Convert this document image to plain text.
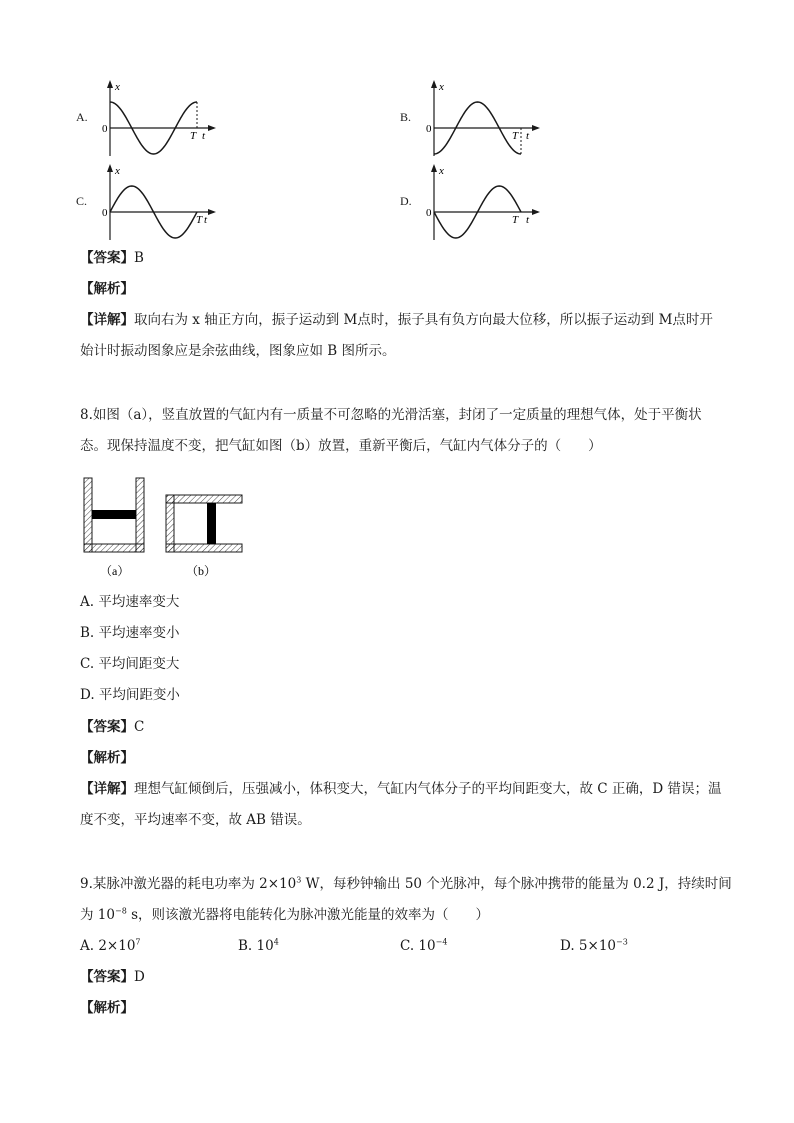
A.	B.
C.	D.
x
0
T t
x
0
T t
x
0
T t
x
0
T t
【答案】B
【解析】
【详解】取向右为 x 轴正方向，振子运动到 M点时，振子具有负方向最大位移，所以振子运动到 M点时开
始计时振动图象应是余弦曲线，图象应如 B 图所示。
8.如图（a），竖直放置的气缸内有一质量不可忽略的光滑活塞，封闭了一定质量的理想气体，处于平衡状
态。现保持温度不变，把气缸如图（b）放置，重新平衡后，气缸内气体分子的（　　）
（a）	（b）
A. 平均速率变大
B. 平均速率变小
C. 平均间距变大
D. 平均间距变小
【答案】C
【解析】
【详解】理想气缸倾倒后，压强减小，体积变大，气缸内气体分子的平均间距变大，故 C 正确，D 错误；温
度不变，平均速率不变，故 AB 错误。
9.某脉冲激光器的耗电功率为 $2\times 10^3$ W，每秒钟输出 50 个光脉冲，每个脉冲携带的能量为 0.2 J，持续时间
为 $10^{-8}$ s，则该激光器将电能转化为脉冲激光能量的效率为（　　）
A. $2\times 10^7$	B. $10^4$	C. $10^{-4}$	D. $5\times 10^{-3}$
【答案】D
【解析】
